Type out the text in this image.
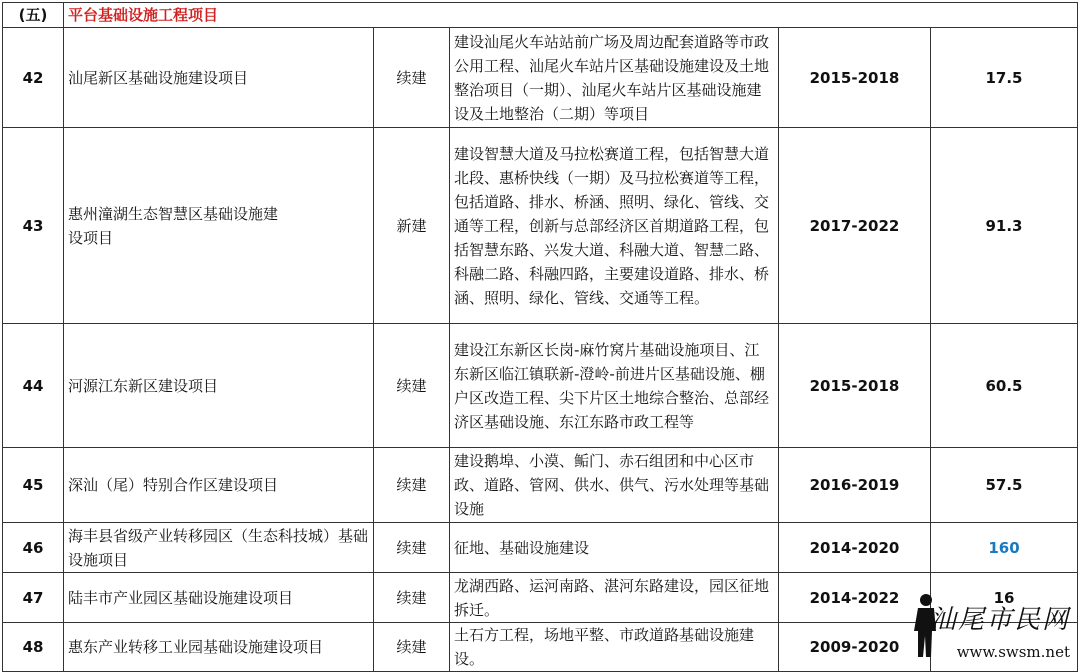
(五)	平台基础设施工程项目				
42	汕尾新区基础设施建设项目	续建	建设汕尾火车站站前广场及周边配套道路等市政公用工程、汕尾火车站片区基础设施建设及土地整治项目（一期）、汕尾火车站片区基础设施建设及土地整治（二期）等项目	2015-2018	17.5
43	惠州潼湖生态智慧区基础设施建设项目	新建	建设智慧大道及马拉松赛道工程，包括智慧大道北段、惠桥快线（一期）及马拉松赛道等工程，包括道路、排水、桥涵、照明、绿化、管线、交通等工程，创新与总部经济区首期道路工程，包括智慧东路、兴发大道、科融大道、智慧二路、科融二路、科融四路，主要建设道路、排水、桥涵、照明、绿化、管线、交通等工程。	2017-2022	91.3
44	河源江东新区建设项目	续建	建设江东新区长岗-麻竹窝片基础设施项目、江东新区临江镇联新-澄岭-前进片区基础设施、棚户区改造工程、尖下片区土地综合整治、总部经济区基础设施、东江东路市政工程等	2015-2018	60.5
45	深汕（尾）特别合作区建设项目	续建	建设鹅埠、小漠、鲘门、赤石组团和中心区市政、道路、管网、供水、供气、污水处理等基础设施	2016-2019	57.5
46	海丰县省级产业转移园区（生态科技城）基础设施项目	续建	征地、基础设施建设	2014-2020	160
47	陆丰市产业园区基础设施建设项目	续建	龙湖西路、运河南路、湛河东路建设，园区征地拆迁。	2014-2022	16
48	惠东产业转移工业园基础设施建设项目	续建	土石方工程，场地平整、市政道路基础设施建设。	2009-2020	
汕尾市民网
www.swsm.net
